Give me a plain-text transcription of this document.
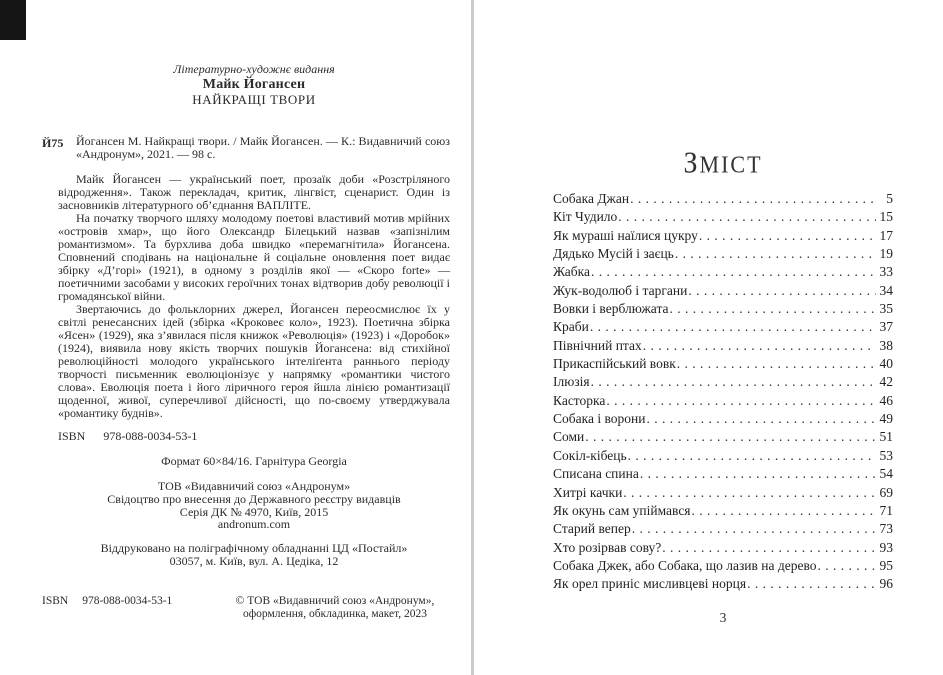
Літературно-художнє видання
Майк Йогансен
НАЙКРАЩІ ТВОРИ
Й75	Йогансен М. Найкращі твори. / Майк Йогансен. — К.: Видавничий союз «Андронум», 2021. — 98 с.

Майк Йогансен — український поет, прозаїк доби «Розстріляного відродження». Також перекладач, критик, лінгвіст, сценарист. Один із засновників літературного об’єднання ВАПЛІТЕ.

На початку творчого шляху молодому поетові властивий мотив мрійних «островів хмар», що його Олександр Білецький назвав «запізнілим романтизмом». Та бурхлива доба швидко «перемагнітила» Йогансена. Сповнений сподівань на національне й соціальне оновлення поет видає збірку «Д’горі» (1921), в одному з розділів якої — «Скоро forte» — поетичними засобами у високих героїчних тонах відтворив добу революції і громадянської війни.

Звертаючись до фольклорних джерел, Йогансен переосмислює їх у світлі ренесансних ідей (збірка «Кроковеє коло», 1923). Поетична збірка «Ясен» (1929), яка з’явилася після книжок «Революція» (1923) і «Доробок» (1924), виявила нову якість творчих пошуків Йогансена: від стихійної революційності молодого українського інтеліґента раннього періоду творчості письменник еволюціонізує у напрямку «романтики чистого слова». Еволюція поета і його ліричного героя йшла лінією романтизації щоденної, живої, суперечливої дійсності, що по-своєму утверджувала «романтику буднів».

ISBN 978-088-0034-53-1
Формат 60×84/16. Гарнітура Georgia
ТОВ «Видавничий союз «Андронум»
Свідоцтво про внесення до Державного реєстру видавців
Серія ДК № 4970, Київ, 2015
andronum.com
Віддруковано на поліграфічному обладнанні ЦД «Постайл»
03057, м. Київ, вул. А. Цедіка, 12
ISBN 978-088-0034-53-1	© ТОВ «Видавничий союз «Андронум»,
оформлення, обкладинка, макет, 2023
ЗМІСТ
Собака Джан . . .	5
Кіт Чудило . . .	15
Як мураші наїлися цукру . . .	17
Дядько Мусій і заєць . . .	19
Жабка . . .	33
Жук-водолюб і таргани . . .	34
Вовки і верблюжата . . .	35
Краби . . .	37
Північний птах . . .	38
Прикаспійський вовк . . .	40
Ілюзія . . .	42
Касторка . . .	46
Собака і ворони . . .	49
Соми . . .	51
Сокіл-кібець . . .	53
Списана спина . . .	54
Хитрі качки . . .	69
Як окунь сам упіймався . . .	71
Старий вепер . . .	73
Хто розірвав сову? . . .	93
Собака Джек, або Собака, що лазив на дерево . . .	95
Як орел приніс мисливцеві норця . . .	96
3
